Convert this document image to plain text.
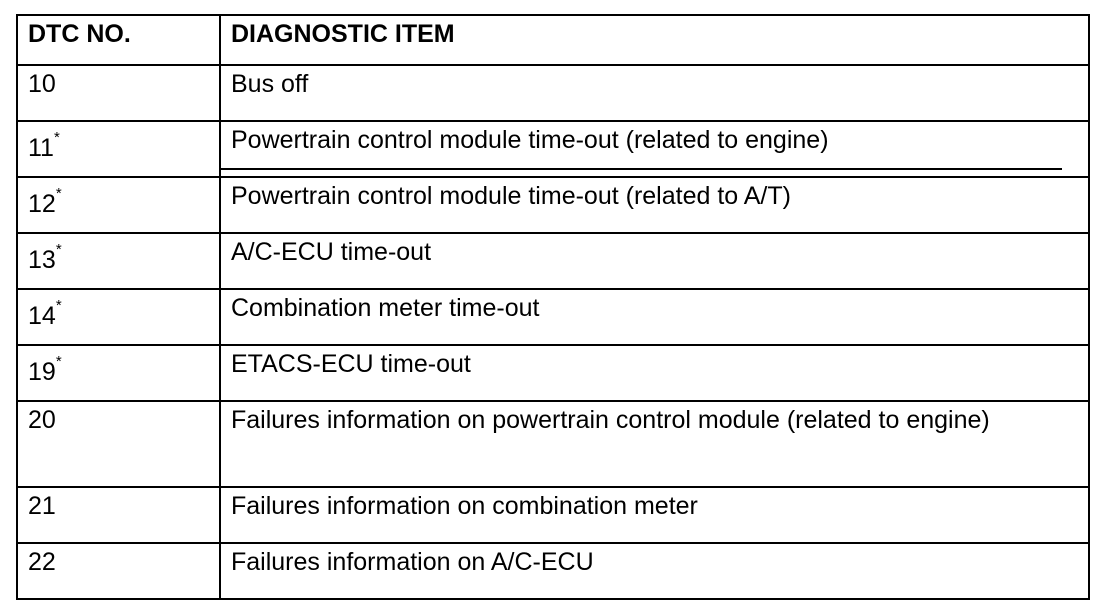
DTC NO.	DIAGNOSTIC ITEM
10	Bus off
11*	Powertrain control module time-out (related to engine)
12*	Powertrain control module time-out (related to A/T)
13*	A/C-ECU time-out
14*	Combination meter time-out
19*	ETACS-ECU time-out
20	Failures information on powertrain control module (related to engine)
21	Failures information on combination meter
22	Failures information on A/C-ECU
